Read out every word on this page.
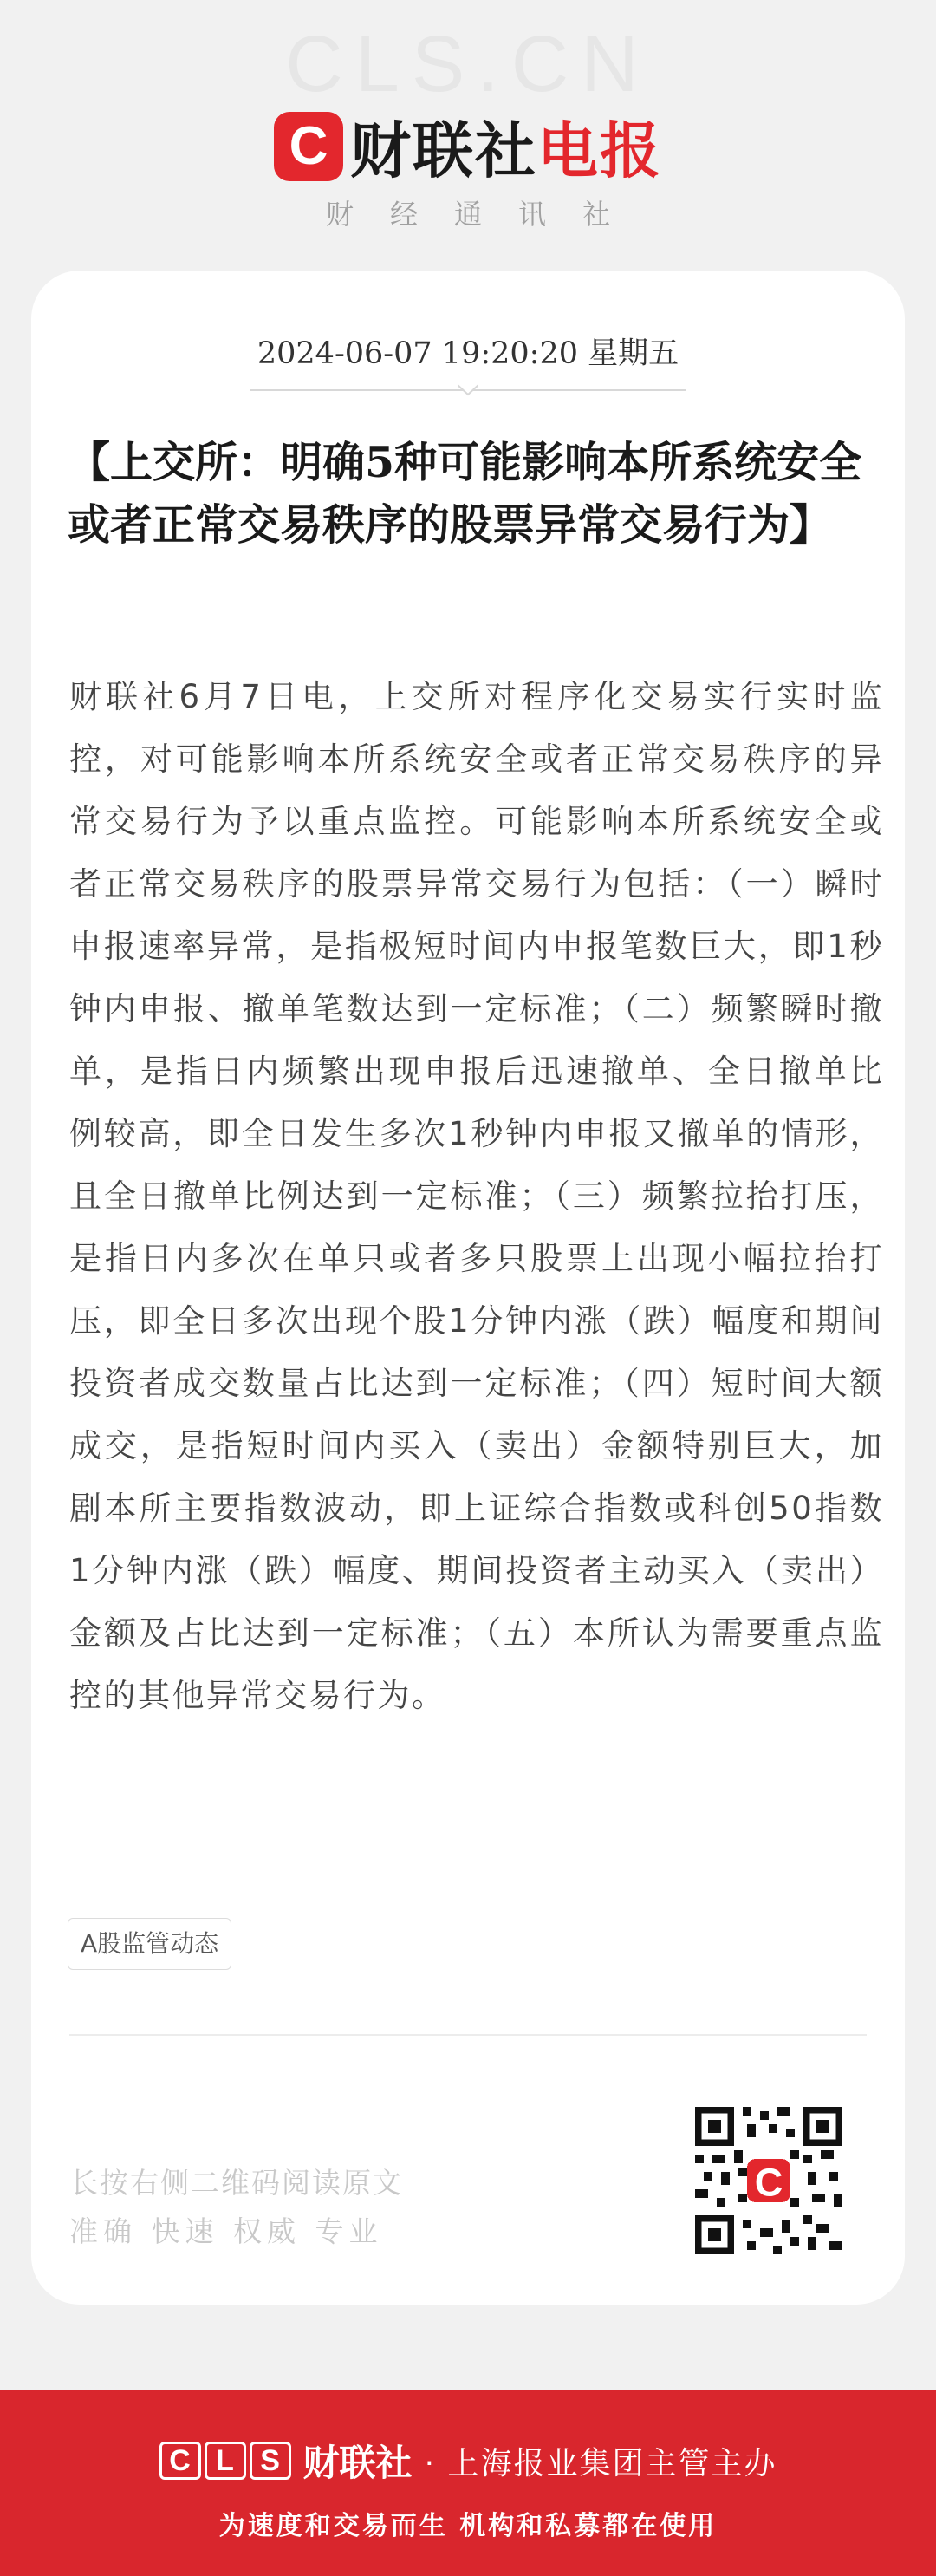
CLS.CN
C 财联社电报
财经通讯社
2024-06-07 19:20:20 星期五
【上交所：明确5种可能影响本所系统安全或者正常交易秩序的股票异常交易行为】
财联社6月7日电，上交所对程序化交易实行实时监控，对可能影响本所系统安全或者正常交易秩序的异常交易行为予以重点监控。可能影响本所系统安全或者正常交易秩序的股票异常交易行为包括：（一）瞬时申报速率异常，是指极短时间内申报笔数巨大，即1秒钟内申报、撤单笔数达到一定标准；（二）频繁瞬时撤单，是指日内频繁出现申报后迅速撤单、全日撤单比例较高，即全日发生多次1秒钟内申报又撤单的情形，且全日撤单比例达到一定标准；（三）频繁拉抬打压，是指日内多次在单只或者多只股票上出现小幅拉抬打压，即全日多次出现个股1分钟内涨（跌）幅度和期间投资者成交数量占比达到一定标准；（四）短时间大额成交，是指短时间内买入（卖出）金额特别巨大，加剧本所主要指数波动，即上证综合指数或科创50指数1分钟内涨（跌）幅度、期间投资者主动买入（卖出）金额及占比达到一定标准；（五）本所认为需要重点监控的其他异常交易行为。
A股监管动态
长按右侧二维码阅读原文
准确 快速 权威 专业
C
C L S 财联社 · 上海报业集团主管主办
为速度和交易而生 机构和私募都在使用
